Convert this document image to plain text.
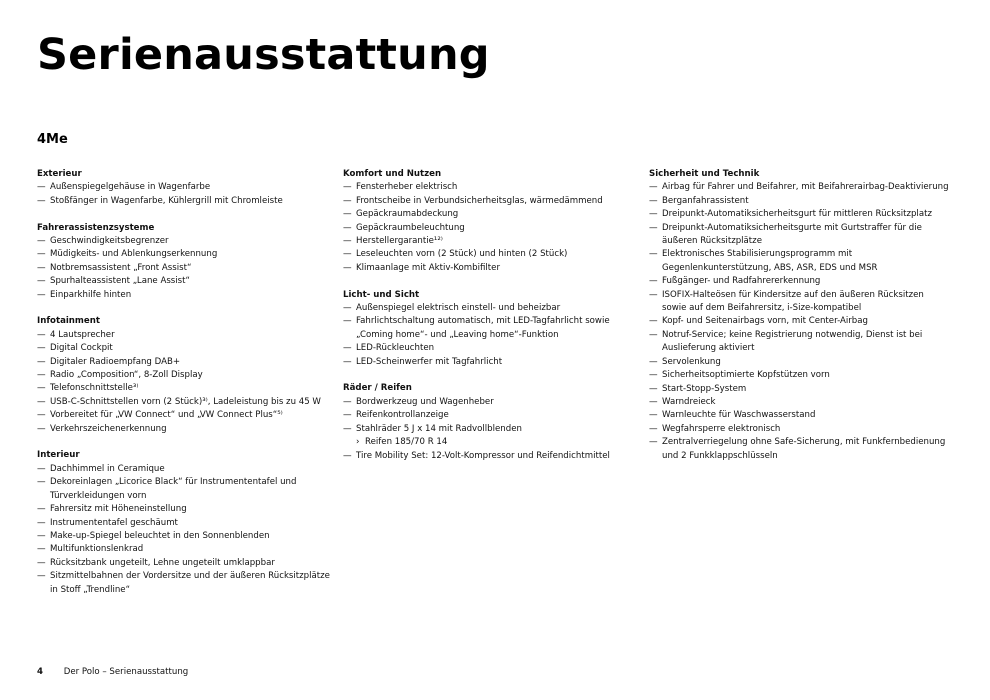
Serienausstattung
4Me
Exterieur
— Außenspiegelgehäuse in Wagenfarbe
— Stoßfänger in Wagenfarbe, Kühlergrill mit Chromleiste
Fahrerassistenzsysteme
— Geschwindigkeitsbegrenzer
— Müdigkeits- und Ablenkungserkennung
— Notbremsassistent „Front Assist“
— Spurhalteassistent „Lane Assist“
— Einparkhilfe hinten
Infotainment
— 4 Lautsprecher
— Digital Cockpit
— Digitaler Radioempfang DAB+
— Radio „Composition“, 8-Zoll Display
— Telefonschnittstelle³⁾
— USB-C-Schnittstellen vorn (2 Stück)³⁾, Ladeleistung bis zu 45 W
— Vorbereitet für „VW Connect“ und „VW Connect Plus“⁵⁾
— Verkehrszeichenerkennung
Interieur
— Dachhimmel in Ceramique
— Dekoreinlagen „Licorice Black“ für Instrumententafel und Türverkleidungen vorn
— Fahrersitz mit Höheneinstellung
— Instrumententafel geschäumt
— Make-up-Spiegel beleuchtet in den Sonnenblenden
— Multifunktionslenkrad
— Rücksitzbank ungeteilt, Lehne ungeteilt umklappbar
— Sitzmittelbahnen der Vordersitze und der äußeren Rücksitzplätze in Stoff „Trendline“
Komfort und Nutzen
— Fensterheber elektrisch
— Frontscheibe in Verbundsicherheitsglas, wärmedämmend
— Gepäckraumabdeckung
— Gepäckraumbeleuchtung
— Herstellergarantie¹²⁾
— Leseleuchten vorn (2 Stück) und hinten (2 Stück)
— Klimaanlage mit Aktiv-Kombifilter
Licht- und Sicht
— Außenspiegel elektrisch einstell- und beheizbar
— Fahrlichtschaltung automatisch, mit LED-Tagfahrlicht sowie „Coming home“- und „Leaving home“-Funktion
— LED-Rückleuchten
— LED-Scheinwerfer mit Tagfahrlicht
Räder / Reifen
— Bordwerkzeug und Wagenheber
— Reifenkontrollanzeige
— Stahlräder 5 J x 14 mit Radvollblenden
› Reifen 185/70 R 14
— Tire Mobility Set: 12-Volt-Kompressor und Reifendichtmittel
Sicherheit und Technik
— Airbag für Fahrer und Beifahrer, mit Beifahrerairbag-Deaktivierung
— Berganfahrassistent
— Dreipunkt-Automatiksicherheitsgurt für mittleren Rücksitzplatz
— Dreipunkt-Automatiksicherheitsgurte mit Gurtstraffer für die äußeren Rücksitzplätze
— Elektronisches Stabilisierungsprogramm mit Gegenlenkunterstützung, ABS, ASR, EDS und MSR
— Fußgänger- und Radfahrererkennung
— ISOFIX-Halteösen für Kindersitze auf den äußeren Rücksitzen sowie auf dem Beifahrersitz, i-Size-kompatibel
— Kopf- und Seitenairbags vorn, mit Center-Airbag
— Notruf-Service; keine Registrierung notwendig, Dienst ist bei Auslieferung aktiviert
— Servolenkung
— Sicherheitsoptimierte Kopfstützen vorn
— Start-Stopp-System
— Warndreieck
— Warnleuchte für Waschwasserstand
— Wegfahrsperre elektronisch
— Zentralverriegelung ohne Safe-Sicherung, mit Funkfernbedienung und 2 Funkklappschlüsseln
4 Der Polo – Serienausstattung
